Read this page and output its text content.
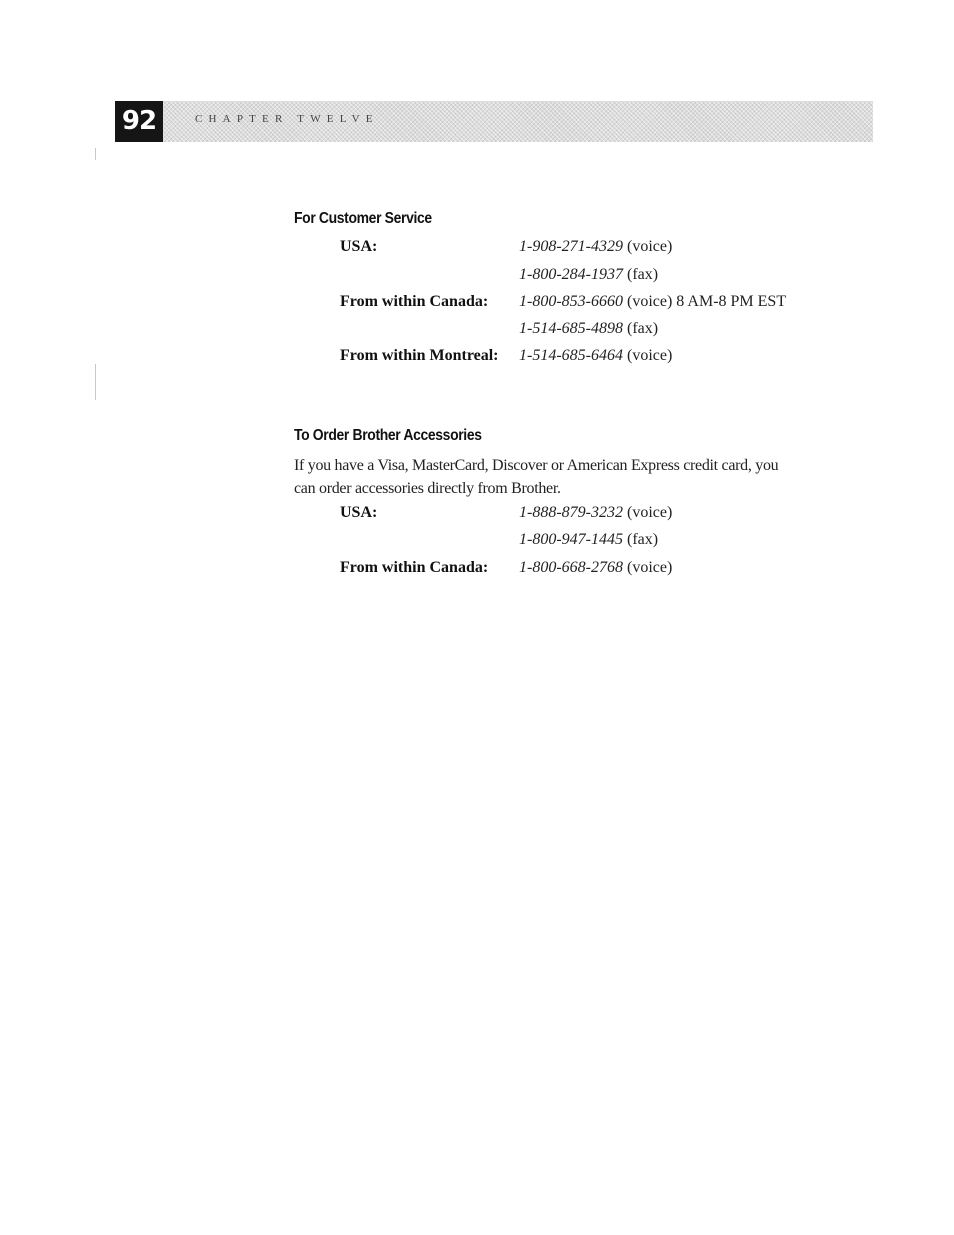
92	CHAPTER TWELVE
For Customer Service
USA:	1-908-271-4329 (voice)
1-800-284-1937 (fax)
From within Canada: 1-800-853-6660 (voice) 8 AM-8 PM EST
1-514-685-4898 (fax)
From within Montreal: 1-514-685-6464 (voice)
To Order Brother Accessories
If you have a Visa, MasterCard, Discover or American Express credit card, you can order accessories directly from Brother.
USA:	1-888-879-3232 (voice)
1-800-947-1445 (fax)
From within Canada: 1-800-668-2768 (voice)
